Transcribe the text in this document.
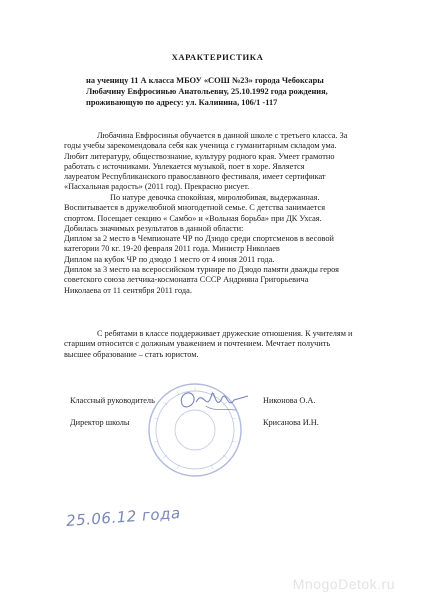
ХАРАКТЕРИСТИКА
на ученицу 11 А класса МБОУ «СОШ №23» города Чебоксары
Любачину Евфросинью Анатольевну, 25.10.1992 года рождения,
проживающую по адресу: ул. Калинина, 106/1 -117
Любачина Евфросинья обучается в данной школе с третьего класса. За
годы учебы зарекомендовала себя как ученица с гуманитарным складом ума.
Любит литературу, обществознание, культуру родного края. Умеет грамотно
работать с источниками. Увлекается музыкой, поет в хоре. Является
лауреатом Республиканского православного фестиваля, имеет сертификат
«Пасхальная радость» (2011 год). Прекрасно рисует.
По натуре девочка спокойная, миролюбивая, выдержанная.
Воспитывается в дружелюбной многодетной семье. С детства занимается
спортом. Посещает секцию « Самбо» и «Вольная борьба» при ДК Ухсая.
Добилась значимых результатов в данной области:
Диплом за 2 место в Чемпионате ЧР по Дзюдо среди спортсменов в весовой
категории 70 кг. 19-20 февраля 2011 года. Министр Николаев
Диплом на кубок ЧР по дзюдо 1 место от 4 июня 2011 года.
Диплом за 3 место на всероссийском турнире по Дзюдо памяти дважды героя
советского союза летчика-космонавта СССР Андрияна Григорьевича
Николаева от 11 сентября 2011 года.
С ребятами в классе поддерживает дружеские отношения. К учителям и
старшим относится с должным уважением и почтением. Мечтает получить
высшее образование – стать юристом.
Классный руководитель	Никонова О.А.
Директор школы	Крисанова И.Н.
25.06.12 года
MnogoDetok.ru
